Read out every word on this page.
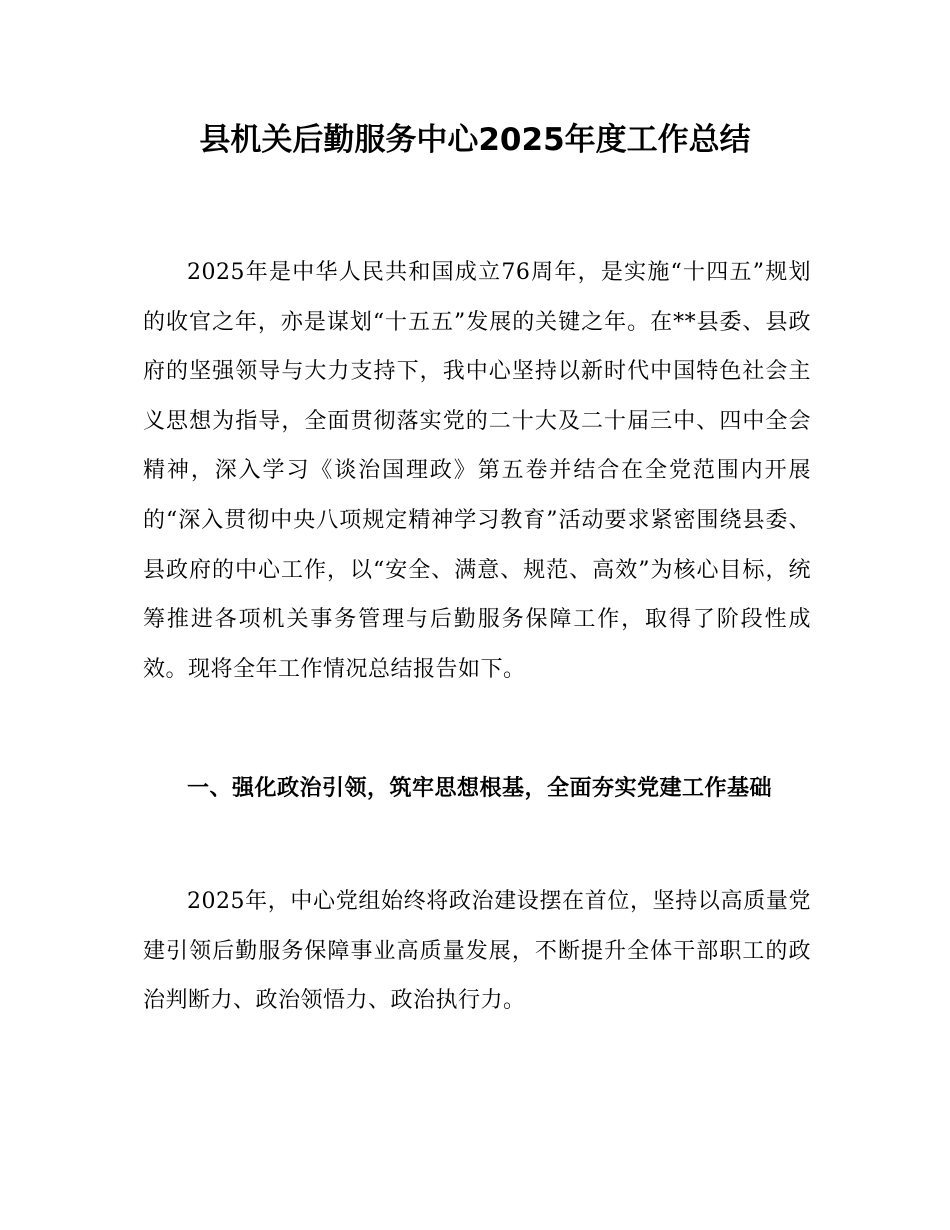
县机关后勤服务中心2025年度工作总结

2025年是中华人民共和国成立76周年，是实施“十四五”规划的收官之年，亦是谋划“十五五”发展的关键之年。在**县委、县政府的坚强领导与大力支持下，我中心坚持以新时代中国特色社会主义思想为指导，全面贯彻落实党的二十大及二十届三中、四中全会精神，深入学习《谈治国理政》第五卷并结合在全党范围内开展的“深入贯彻中央八项规定精神学习教育”活动要求紧密围绕县委、县政府的中心工作，以“安全、满意、规范、高效”为核心目标，统筹推进各项机关事务管理与后勤服务保障工作，取得了阶段性成效。现将全年工作情况总结报告如下。

一、强化政治引领，筑牢思想根基，全面夯实党建工作基础

2025年，中心党组始终将政治建设摆在首位，坚持以高质量党建引领后勤服务保障事业高质量发展，不断提升全体干部职工的政治判断力、政治领悟力、政治执行力。
